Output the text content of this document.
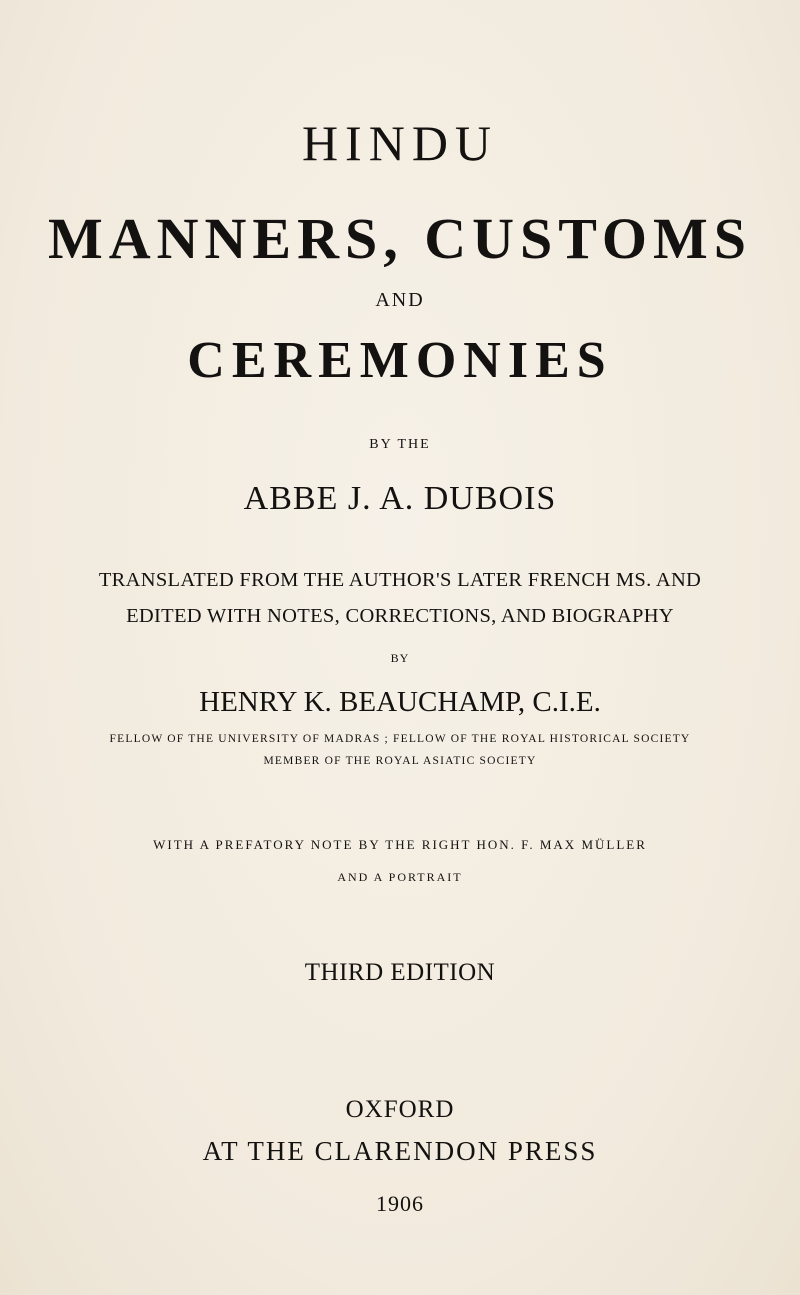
HINDU
MANNERS, CUSTOMS
AND
CEREMONIES
BY THE
ABBE J. A. DUBOIS
TRANSLATED FROM THE AUTHOR'S LATER FRENCH MS. AND
EDITED WITH NOTES, CORRECTIONS, AND BIOGRAPHY
BY
HENRY K. BEAUCHAMP, C.I.E.
FELLOW OF THE UNIVERSITY OF MADRAS ; FELLOW OF THE ROYAL HISTORICAL SOCIETY
MEMBER OF THE ROYAL ASIATIC SOCIETY
WITH A PREFATORY NOTE BY THE RIGHT HON. F. MAX MÜLLER
AND A PORTRAIT
THIRD EDITION
OXFORD
AT THE CLARENDON PRESS
1906
